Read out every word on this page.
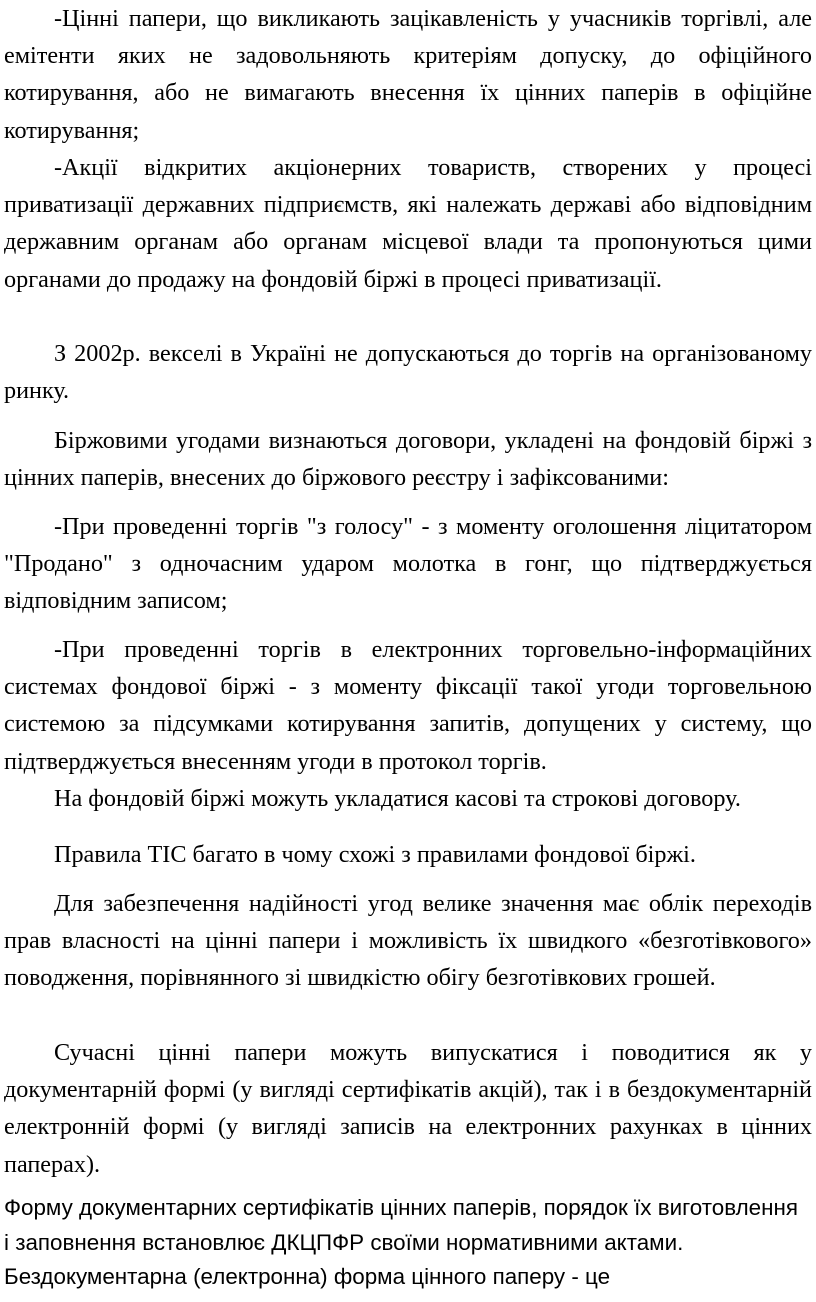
-Цінні папери, що викликають зацікавленість у учасників торгівлі, але емітенти яких не задовольняють критеріям допуску, до офіційного котирування, або не вимагають внесення їх цінних паперів в офіційне котирування;

-Акції відкритих акціонерних товариств, створених у процесі приватизації державних підприємств, які належать державі або відповідним державним органам або органам місцевої влади та пропонуються цими органами до продажу на фондовій біржі в процесі приватизації.

З 2002р. векселі в Україні не допускаються до торгів на організованому ринку.

Біржовими угодами визнаються договори, укладені на фондовій біржі з цінних паперів, внесених до біржового реєстру і зафіксованими:

-При проведенні торгів "з голосу" - з моменту оголошення ліцитатором "Продано" з одночасним ударом молотка в гонг, що підтверджується відповідним записом;

-При проведенні торгів в електронних торговельно-інформаційних системах фондової біржі - з моменту фіксації такої угоди торговельною системою за підсумками котирування запитів, допущених у систему, що підтверджується внесенням угоди в протокол торгів.

На фондовій біржі можуть укладатися касові та строкові договору.

Правила ТІС багато в чому схожі з правилами фондової біржі.

Для забезпечення надійності угод велике значення має облік переходів прав власності на цінні папери і можливість їх швидкого «безготівкового» поводження, порівнянного зі швидкістю обігу безготівкових грошей.

Сучасні цінні папери можуть випускатися і поводитися як у документарній формі (у вигляді сертифікатів акцій), так і в бездокументарній електронній формі (у вигляді записів на електронних рахунках в цінних паперах).

Форму документарних сертифікатів цінних паперів, порядок їх виготовлення і заповнення встановлює ДКЦПФР своїми нормативними актами. Бездокументарна (електронна) форма цінного паперу - це
